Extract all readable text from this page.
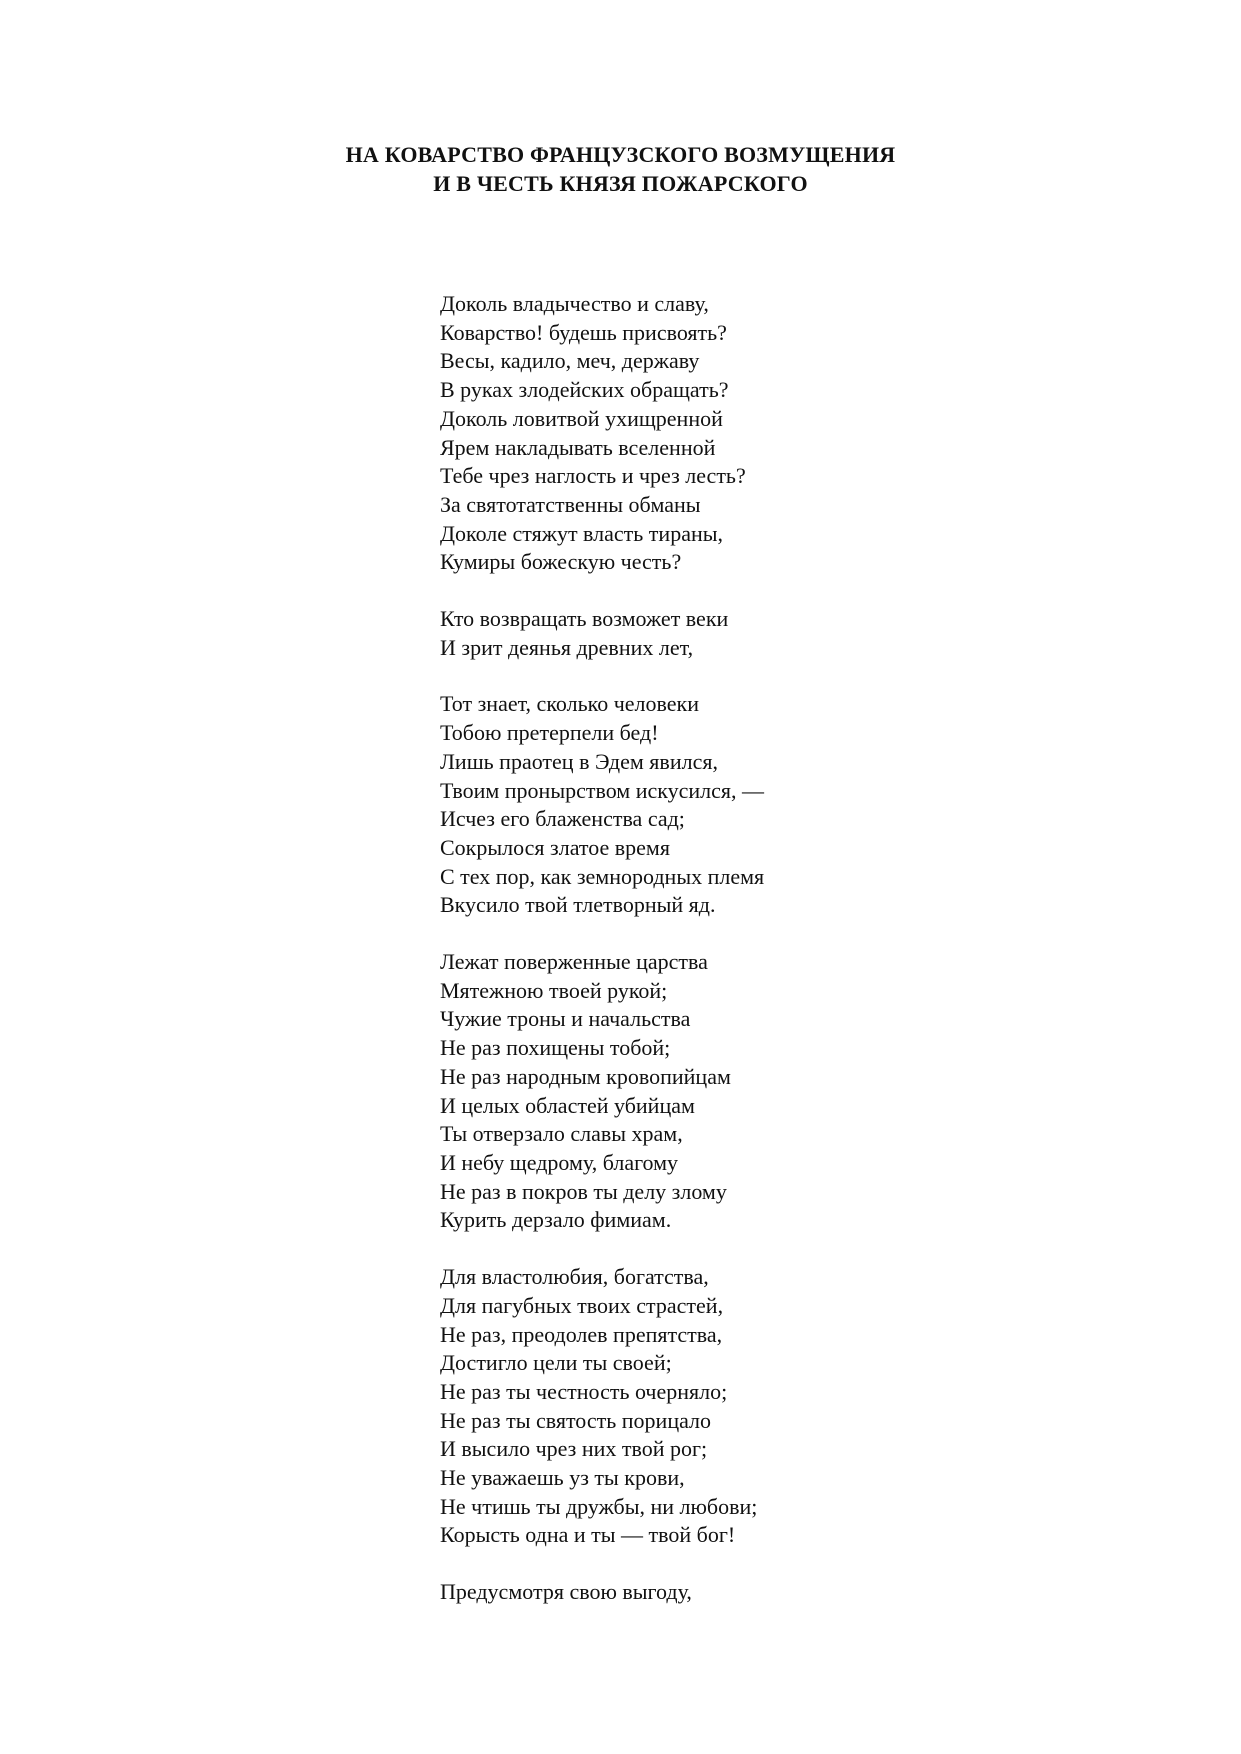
НА КОВАРСТВО ФРАНЦУЗСКОГО ВОЗМУЩЕНИЯ
И В ЧЕСТЬ КНЯЗЯ ПОЖАРСКОГО
Доколь владычество и славу,
Коварство! будешь присвоять?
Весы, кадило, меч, державу
В руках злодейских обращать?
Доколь ловитвой ухищренной
Ярем накладывать вселенной
Тебе чрез наглость и чрез лесть?
За святотатственны обманы
Доколе стяжут власть тираны,
Кумиры божескую честь?
Кто возвращать возможет веки
И зрит деянья древних лет,
Тот знает, сколько человеки
Тобою претерпели бед!
Лишь праотец в Эдем явился,
Твоим пронырством искусился, —
Исчез его блаженства сад;
Сокрылося златое время
С тех пор, как земнородных племя
Вкусило твой тлетворный яд.
Лежат поверженные царства
Мятежною твоей рукой;
Чужие троны и начальства
Не раз похищены тобой;
Не раз народным кровопийцам
И целых областей убийцам
Ты отверзало славы храм,
И небу щедрому, благому
Не раз в покров ты делу злому
Курить дерзало фимиам.
Для властолюбия, богатства,
Для пагубных твоих страстей,
Не раз, преодолев препятства,
Достигло цели ты своей;
Не раз ты честность очерняло;
Не раз ты святость порицало
И высило чрез них твой рог;
Не уважаешь уз ты крови,
Не чтишь ты дружбы, ни любови;
Корысть одна и ты — твой бог!
Предусмотря свою выгоду,
